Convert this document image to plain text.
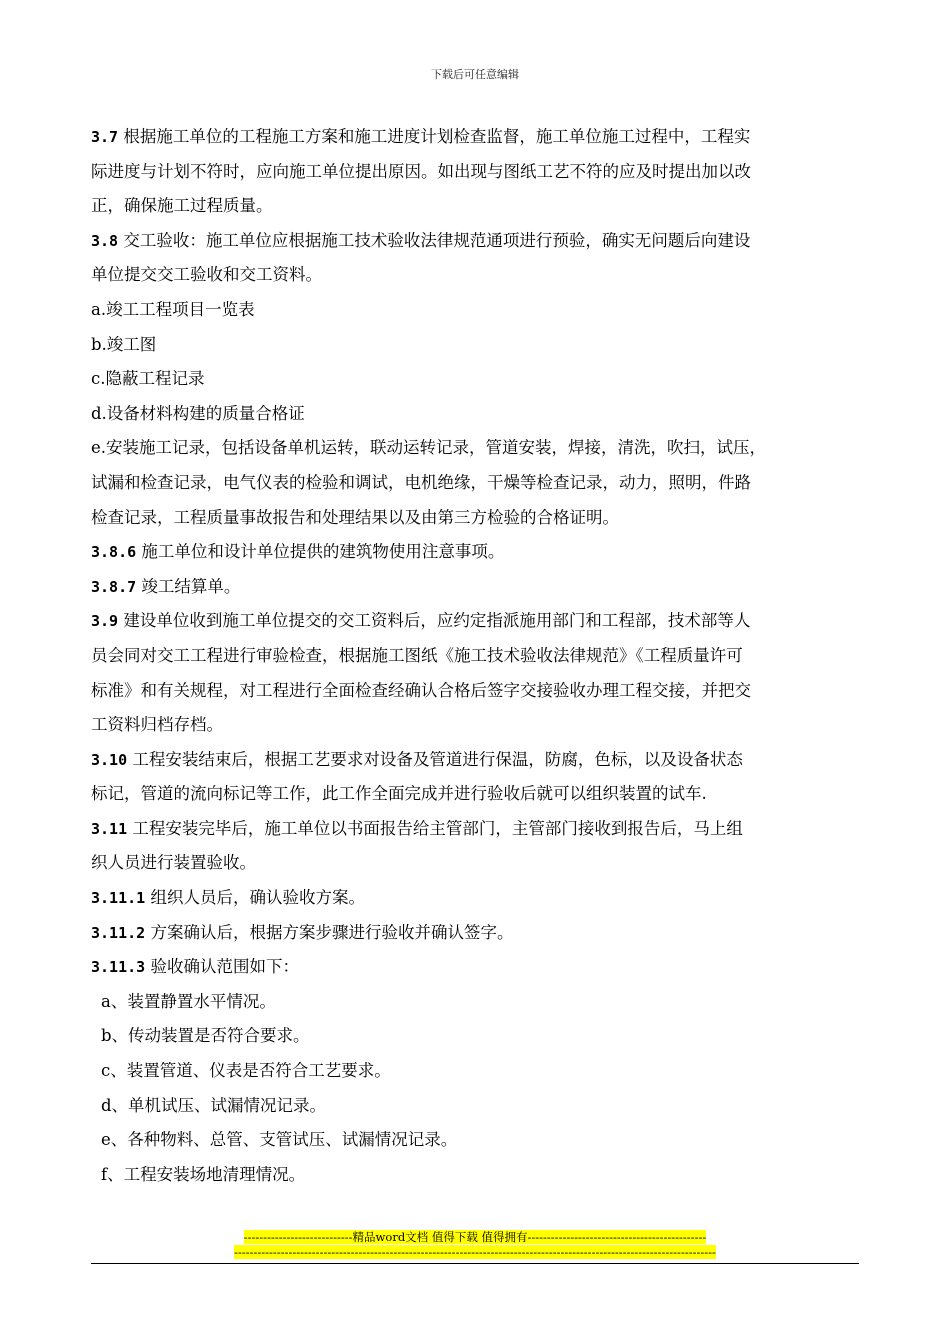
下载后可任意编辑
3.7 根据施工单位的工程施工方案和施工进度计划检查监督，施工单位施工过程中，工程实
际进度与计划不符时，应向施工单位提出原因。如出现与图纸工艺不符的应及时提出加以改
正，确保施工过程质量。
3.8 交工验收：施工单位应根据施工技术验收法律规范通项进行预验，确实无问题后向建设
单位提交交工验收和交工资料。
a.竣工工程项目一览表
b.竣工图
c.隐蔽工程记录
d.设备材料构建的质量合格证
e.安装施工记录，包括设备单机运转，联动运转记录，管道安装，焊接，清洗，吹扫，试压，
试漏和检查记录，电气仪表的检验和调试，电机绝缘，干燥等检查记录，动力，照明，件路
检查记录，工程质量事故报告和处理结果以及由第三方检验的合格证明。
3.8.6 施工单位和设计单位提供的建筑物使用注意事项。
3.8.7 竣工结算单。
3.9 建设单位收到施工单位提交的交工资料后，应约定指派施用部门和工程部，技术部等人
员会同对交工工程进行审验检查，根据施工图纸《施工技术验收法律规范》《工程质量许可
标准》和有关规程，对工程进行全面检查经确认合格后签字交接验收办理工程交接，并把交
工资料归档存档。
3.10 工程安装结束后，根据工艺要求对设备及管道进行保温，防腐，色标，以及设备状态
标记，管道的流向标记等工作，此工作全面完成并进行验收后就可以组织装置的试车.
3.11 工程安装完毕后，施工单位以书面报告给主管部门，主管部门接收到报告后，马上组
织人员进行装置验收。
3.11.1 组织人员后，确认验收方案。
3.11.2 方案确认后，根据方案步骤进行验收并确认签字。
3.11.3 验收确认范围如下：
a、装置静置水平情况。
b、传动装置是否符合要求。
c、装置管道、仪表是否符合工艺要求。
d、单机试压、试漏情况记录。
e、各种物料、总管、支管试压、试漏情况记录。
f、工程安装场地清理情况。
----------------------------精品word文档 值得下载 值得拥有----------------------------------------------
----------------------------------------------------------------------------------------------------------------------------
